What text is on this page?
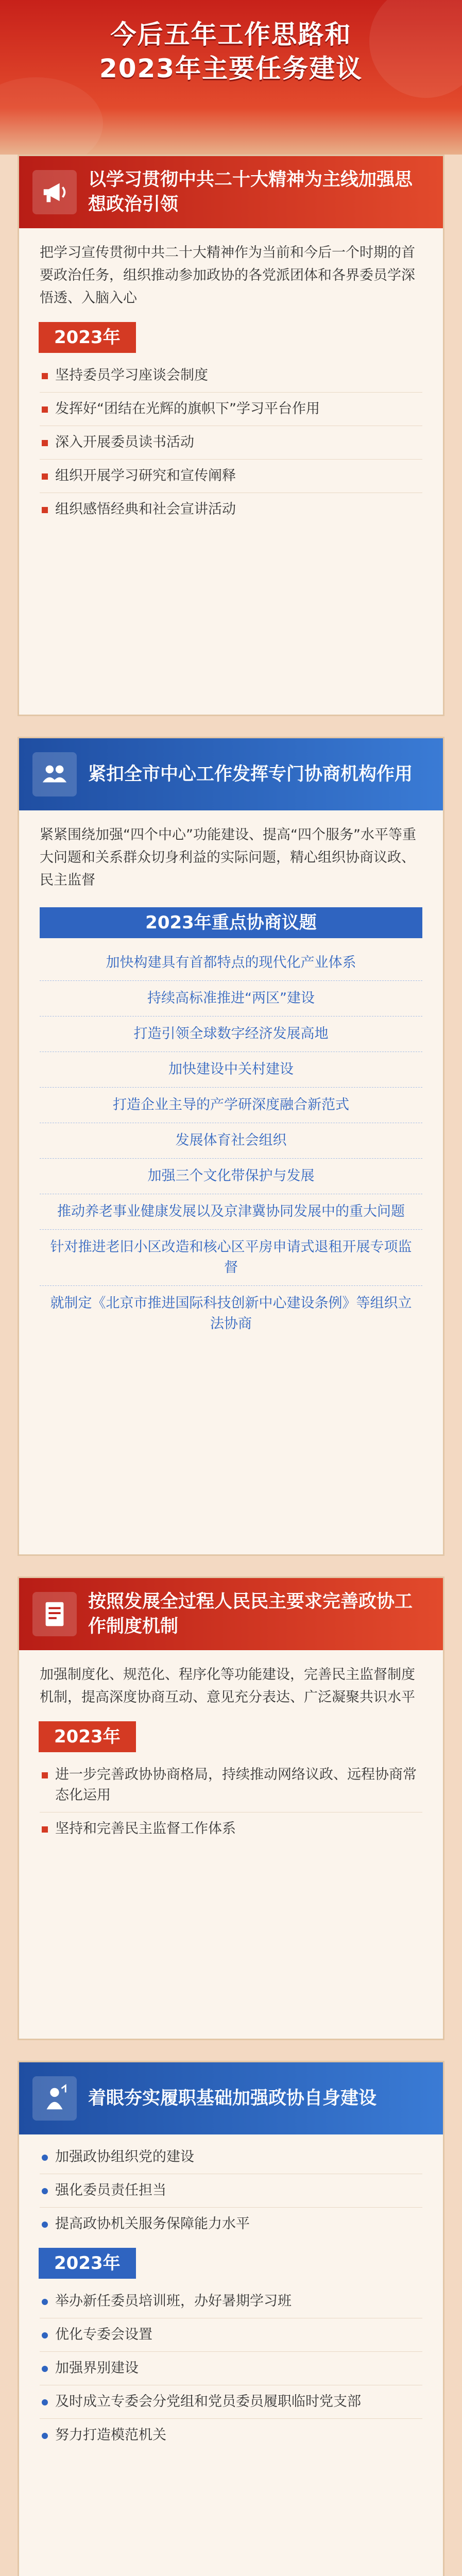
今后五年工作思路和
2023年主要任务建议
以学习贯彻中共二十大精神为主线加强思想政治引领
把学习宣传贯彻中共二十大精神作为当前和今后一个时期的首要政治任务，组织推动参加政协的各党派团体和各界委员学深悟透、入脑入心
2023年
坚持委员学习座谈会制度
发挥好“团结在光辉的旗帜下”学习平台作用
深入开展委员读书活动
组织开展学习研究和宣传阐释
组织感悟经典和社会宣讲活动
紧扣全市中心工作发挥专门协商机构作用
紧紧围绕加强“四个中心”功能建设、提高“四个服务”水平等重大问题和关系群众切身利益的实际问题，精心组织协商议政、民主监督
2023年重点协商议题
加快构建具有首都特点的现代化产业体系
持续高标准推进“两区”建设
打造引领全球数字经济发展高地
加快建设中关村建设
打造企业主导的产学研深度融合新范式
发展体育社会组织
加强三个文化带保护与发展
推动养老事业健康发展以及京津冀协同发展中的重大问题
针对推进老旧小区改造和核心区平房申请式退租开展专项监督
就制定《北京市推进国际科技创新中心建设条例》等组织立法协商
按照发展全过程人民民主要求完善政协工作制度机制
加强制度化、规范化、程序化等功能建设，完善民主监督制度机制，提高深度协商互动、意见充分表达、广泛凝聚共识水平
2023年
进一步完善政协协商格局，持续推动网络议政、远程协商常态化运用
坚持和完善民主监督工作体系
着眼夯实履职基础加强政协自身建设
加强政协组织党的建设
强化委员责任担当
提高政协机关服务保障能力水平
2023年
举办新任委员培训班，办好暑期学习班
优化专委会设置
加强界别建设
及时成立专委会分党组和党员委员履职临时党支部
努力打造模范机关
